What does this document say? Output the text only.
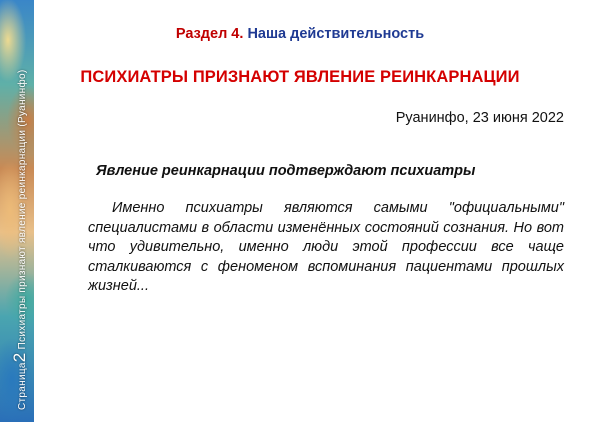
Страница2 Психиатры признают явление реинкарнации (Руанинфо)
Раздел 4. Наша действительность
ПСИХИАТРЫ ПРИЗНАЮТ ЯВЛЕНИЕ РЕИНКАРНАЦИИ
Руанинфо, 23 июня 2022
Явление реинкарнации подтверждают психиатры

Именно психиатры являются самыми "официальными" специалистами в области изменённых состояний сознания. Но вот что удивительно, именно люди этой профессии все чаще сталкиваются с феноменом вспоминания пациентами прошлых жизней...
